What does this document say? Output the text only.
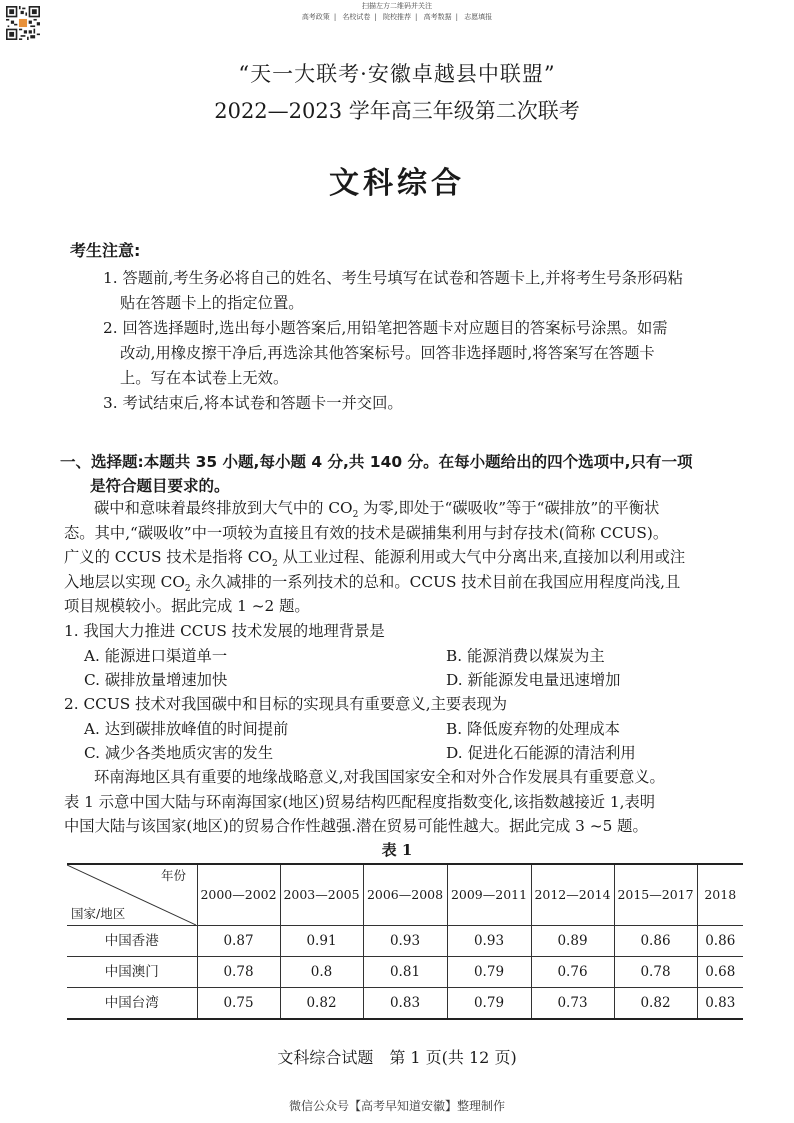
扫描左方二维码并关注
高考政策 | 名校试卷 | 院校推荐 | 高考数据 | 志愿填报
“天一大联考·安徽卓越县中联盟”
2022—2023 学年高三年级第二次联考
文科综合
考生注意:
1. 答题前,考生务必将自己的姓名、考生号填写在试卷和答题卡上,并将考生号条形码粘
贴在答题卡上的指定位置。
2. 回答选择题时,选出每小题答案后,用铅笔把答题卡对应题目的答案标号涂黑。如需
改动,用橡皮擦干净后,再选涂其他答案标号。回答非选择题时,将答案写在答题卡
上。写在本试卷上无效。
3. 考试结束后,将本试卷和答题卡一并交回。
一、选择题:本题共 35 小题,每小题 4 分,共 140 分。在每小题给出的四个选项中,只有一项
是符合题目要求的。
碳中和意味着最终排放到大气中的 $CO_2$ 为零,即处于“碳吸收”等于“碳排放”的平衡状
态。其中,“碳吸收”中一项较为直接且有效的技术是碳捕集利用与封存技术(简称 CCUS)。
广义的 CCUS 技术是指将 $CO_2$ 从工业过程、能源利用或大气中分离出来,直接加以利用或注
入地层以实现 $CO_2$ 永久减排的一系列技术的总和。CCUS 技术目前在我国应用程度尚浅,且
项目规模较小。据此完成 1 ~2 题。
1. 我国大力推进 CCUS 技术发展的地理背景是
A. 能源进口渠道单一	B. 能源消费以煤炭为主
C. 碳排放量增速加快	D. 新能源发电量迅速增加
2. CCUS 技术对我国碳中和目标的实现具有重要意义,主要表现为
A. 达到碳排放峰值的时间提前	B. 降低废弃物的处理成本
C. 减少各类地质灾害的发生	D. 促进化石能源的清洁利用
环南海地区具有重要的地缘战略意义,对我国国家安全和对外合作发展具有重要意义。
表 1 示意中国大陆与环南海国家(地区)贸易结构匹配程度指数变化,该指数越接近 1,表明
中国大陆与该国家(地区)的贸易合作性越强.潜在贸易可能性越大。据此完成 3 ~5 题。
表 1
年份
国家/地区	2000—2002	2003—2005	2006—2008	2009—2011	2012—2014	2015—2017	2018
中国香港	0.87	0.91	0.93	0.93	0.89	0.86	0.86
中国澳门	0.78	0.8	0.81	0.79	0.76	0.78	0.68
中国台湾	0.75	0.82	0.83	0.79	0.73	0.82	0.83
文科综合试题　第 1 页(共 12 页)
微信公众号【高考早知道安徽】整理制作
